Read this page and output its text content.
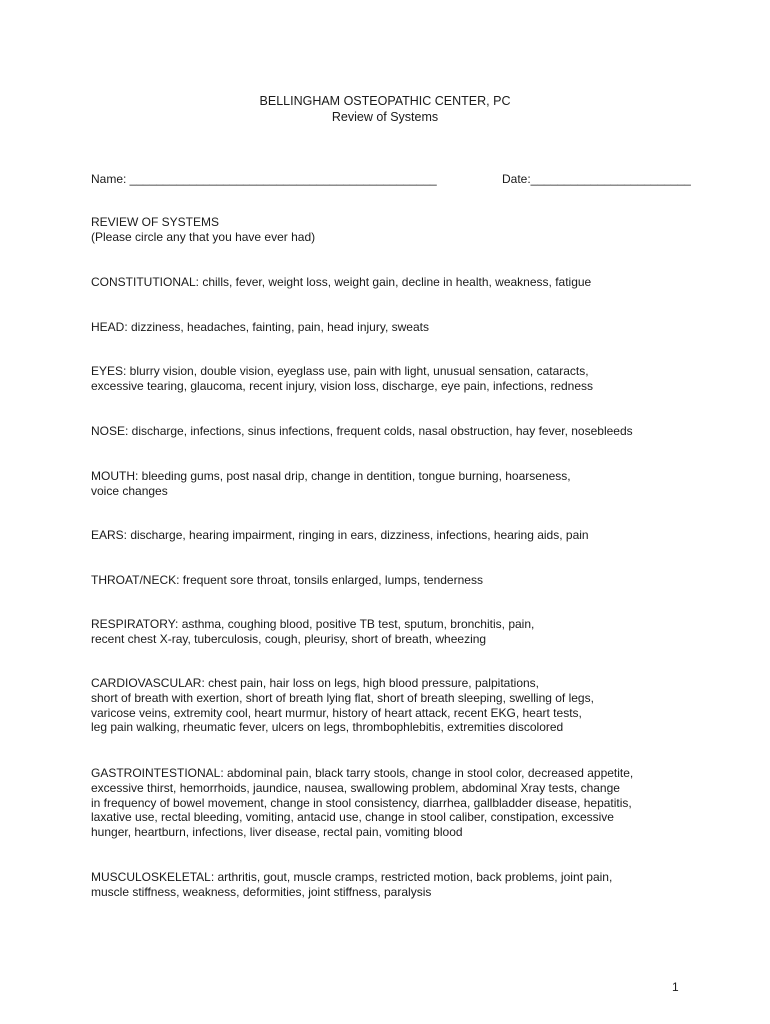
BELLINGHAM OSTEOPATHIC CENTER, PC
Review of Systems
Name: ______________________________________________	Date:________________________
REVIEW OF SYSTEMS
(Please circle any that you have ever had)
CONSTITUTIONAL: chills, fever, weight loss, weight gain, decline in health, weakness, fatigue
HEAD: dizziness, headaches, fainting, pain, head injury, sweats
EYES: blurry vision, double vision, eyeglass use, pain with light, unusual sensation, cataracts,
excessive tearing, glaucoma, recent injury, vision loss, discharge, eye pain, infections, redness
NOSE: discharge, infections, sinus infections, frequent colds, nasal obstruction, hay fever, nosebleeds
MOUTH: bleeding gums, post nasal drip, change in dentition, tongue burning, hoarseness,
voice changes
EARS: discharge, hearing impairment, ringing in ears, dizziness, infections, hearing aids, pain
THROAT/NECK: frequent sore throat, tonsils enlarged, lumps, tenderness
RESPIRATORY: asthma, coughing blood, positive TB test, sputum, bronchitis, pain,
recent chest X-ray, tuberculosis, cough, pleurisy, short of breath, wheezing
CARDIOVASCULAR: chest pain, hair loss on legs, high blood pressure, palpitations,
short of breath with exertion, short of breath lying flat, short of breath sleeping, swelling of legs,
varicose veins, extremity cool, heart murmur, history of heart attack, recent EKG, heart tests,
leg pain walking, rheumatic fever, ulcers on legs, thrombophlebitis, extremities discolored
GASTROINTESTIONAL: abdominal pain, black tarry stools, change in stool color, decreased appetite,
excessive thirst, hemorrhoids, jaundice, nausea, swallowing problem, abdominal Xray tests, change
in frequency of bowel movement, change in stool consistency, diarrhea, gallbladder disease, hepatitis,
laxative use, rectal bleeding, vomiting, antacid use, change in stool caliber, constipation, excessive
hunger, heartburn, infections, liver disease, rectal pain, vomiting blood
MUSCULOSKELETAL: arthritis, gout, muscle cramps, restricted motion, back problems, joint pain,
muscle stiffness, weakness, deformities, joint stiffness, paralysis
1
